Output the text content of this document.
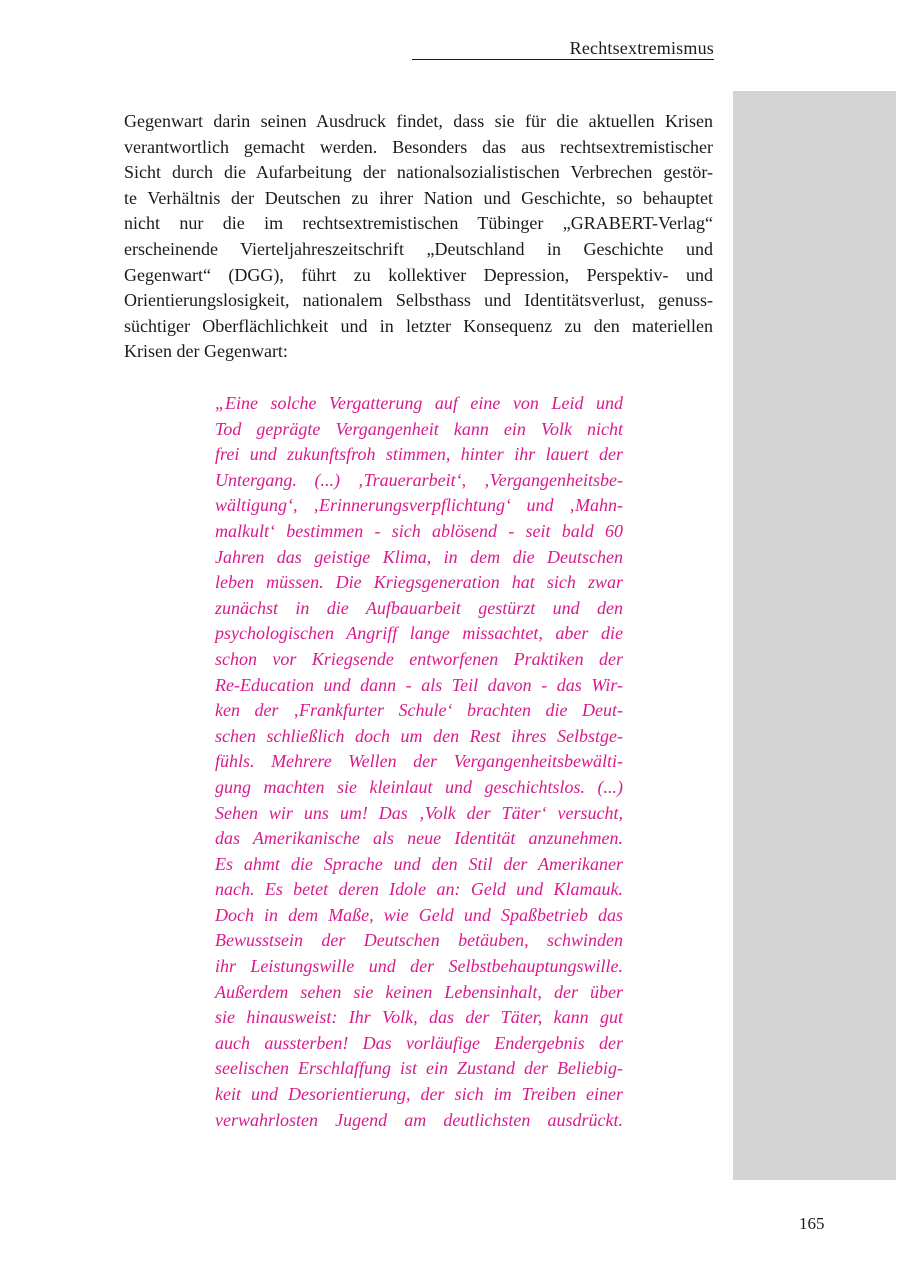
Rechtsextremismus
Gegenwart darin seinen Ausdruck findet, dass sie für die aktuellen Krisen
verantwortlich gemacht werden. Besonders das aus rechtsextremistischer
Sicht durch die Aufarbeitung der nationalsozialistischen Verbrechen gestör-
te Verhältnis der Deutschen zu ihrer Nation und Geschichte, so behauptet
nicht nur die im rechtsextremistischen Tübinger „GRABERT-Verlag“
erscheinende Vierteljahreszeitschrift „Deutschland in Geschichte und
Gegenwart“ (DGG), führt zu kollektiver Depression, Perspektiv- und
Orientierungslosigkeit, nationalem Selbsthass und Identitätsverlust, genuss-
süchtiger Oberflächlichkeit und in letzter Konsequenz zu den materiellen
Krisen der Gegenwart:
„Eine solche Vergatterung auf eine von Leid und
Tod geprägte Vergangenheit kann ein Volk nicht
frei und zukunftsfroh stimmen, hinter ihr lauert der
Untergang. (...) ‚Trauerarbeit‘, ‚Vergangenheitsbe-
wältigung‘, ‚Erinnerungsverpflichtung‘ und ‚Mahn-
malkult‘ bestimmen - sich ablösend - seit bald 60
Jahren das geistige Klima, in dem die Deutschen
leben müssen. Die Kriegsgeneration hat sich zwar
zunächst in die Aufbauarbeit gestürzt und den
psychologischen Angriff lange missachtet, aber die
schon vor Kriegsende entworfenen Praktiken der
Re-Education und dann - als Teil davon - das Wir-
ken der ‚Frankfurter Schule‘ brachten die Deut-
schen schließlich doch um den Rest ihres Selbstge-
fühls. Mehrere Wellen der Vergangenheitsbewälti-
gung machten sie kleinlaut und geschichtslos. (...)
Sehen wir uns um! Das ‚Volk der Täter‘ versucht,
das Amerikanische als neue Identität anzunehmen.
Es ahmt die Sprache und den Stil der Amerikaner
nach. Es betet deren Idole an: Geld und Klamauk.
Doch in dem Maße, wie Geld und Spaßbetrieb das
Bewusstsein der Deutschen betäuben, schwinden
ihr Leistungswille und der Selbstbehauptungswille.
Außerdem sehen sie keinen Lebensinhalt, der über
sie hinausweist: Ihr Volk, das der Täter, kann gut
auch aussterben! Das vorläufige Endergebnis der
seelischen Erschlaffung ist ein Zustand der Beliebig-
keit und Desorientierung, der sich im Treiben einer
verwahrlosten Jugend am deutlichsten ausdrückt.
165
